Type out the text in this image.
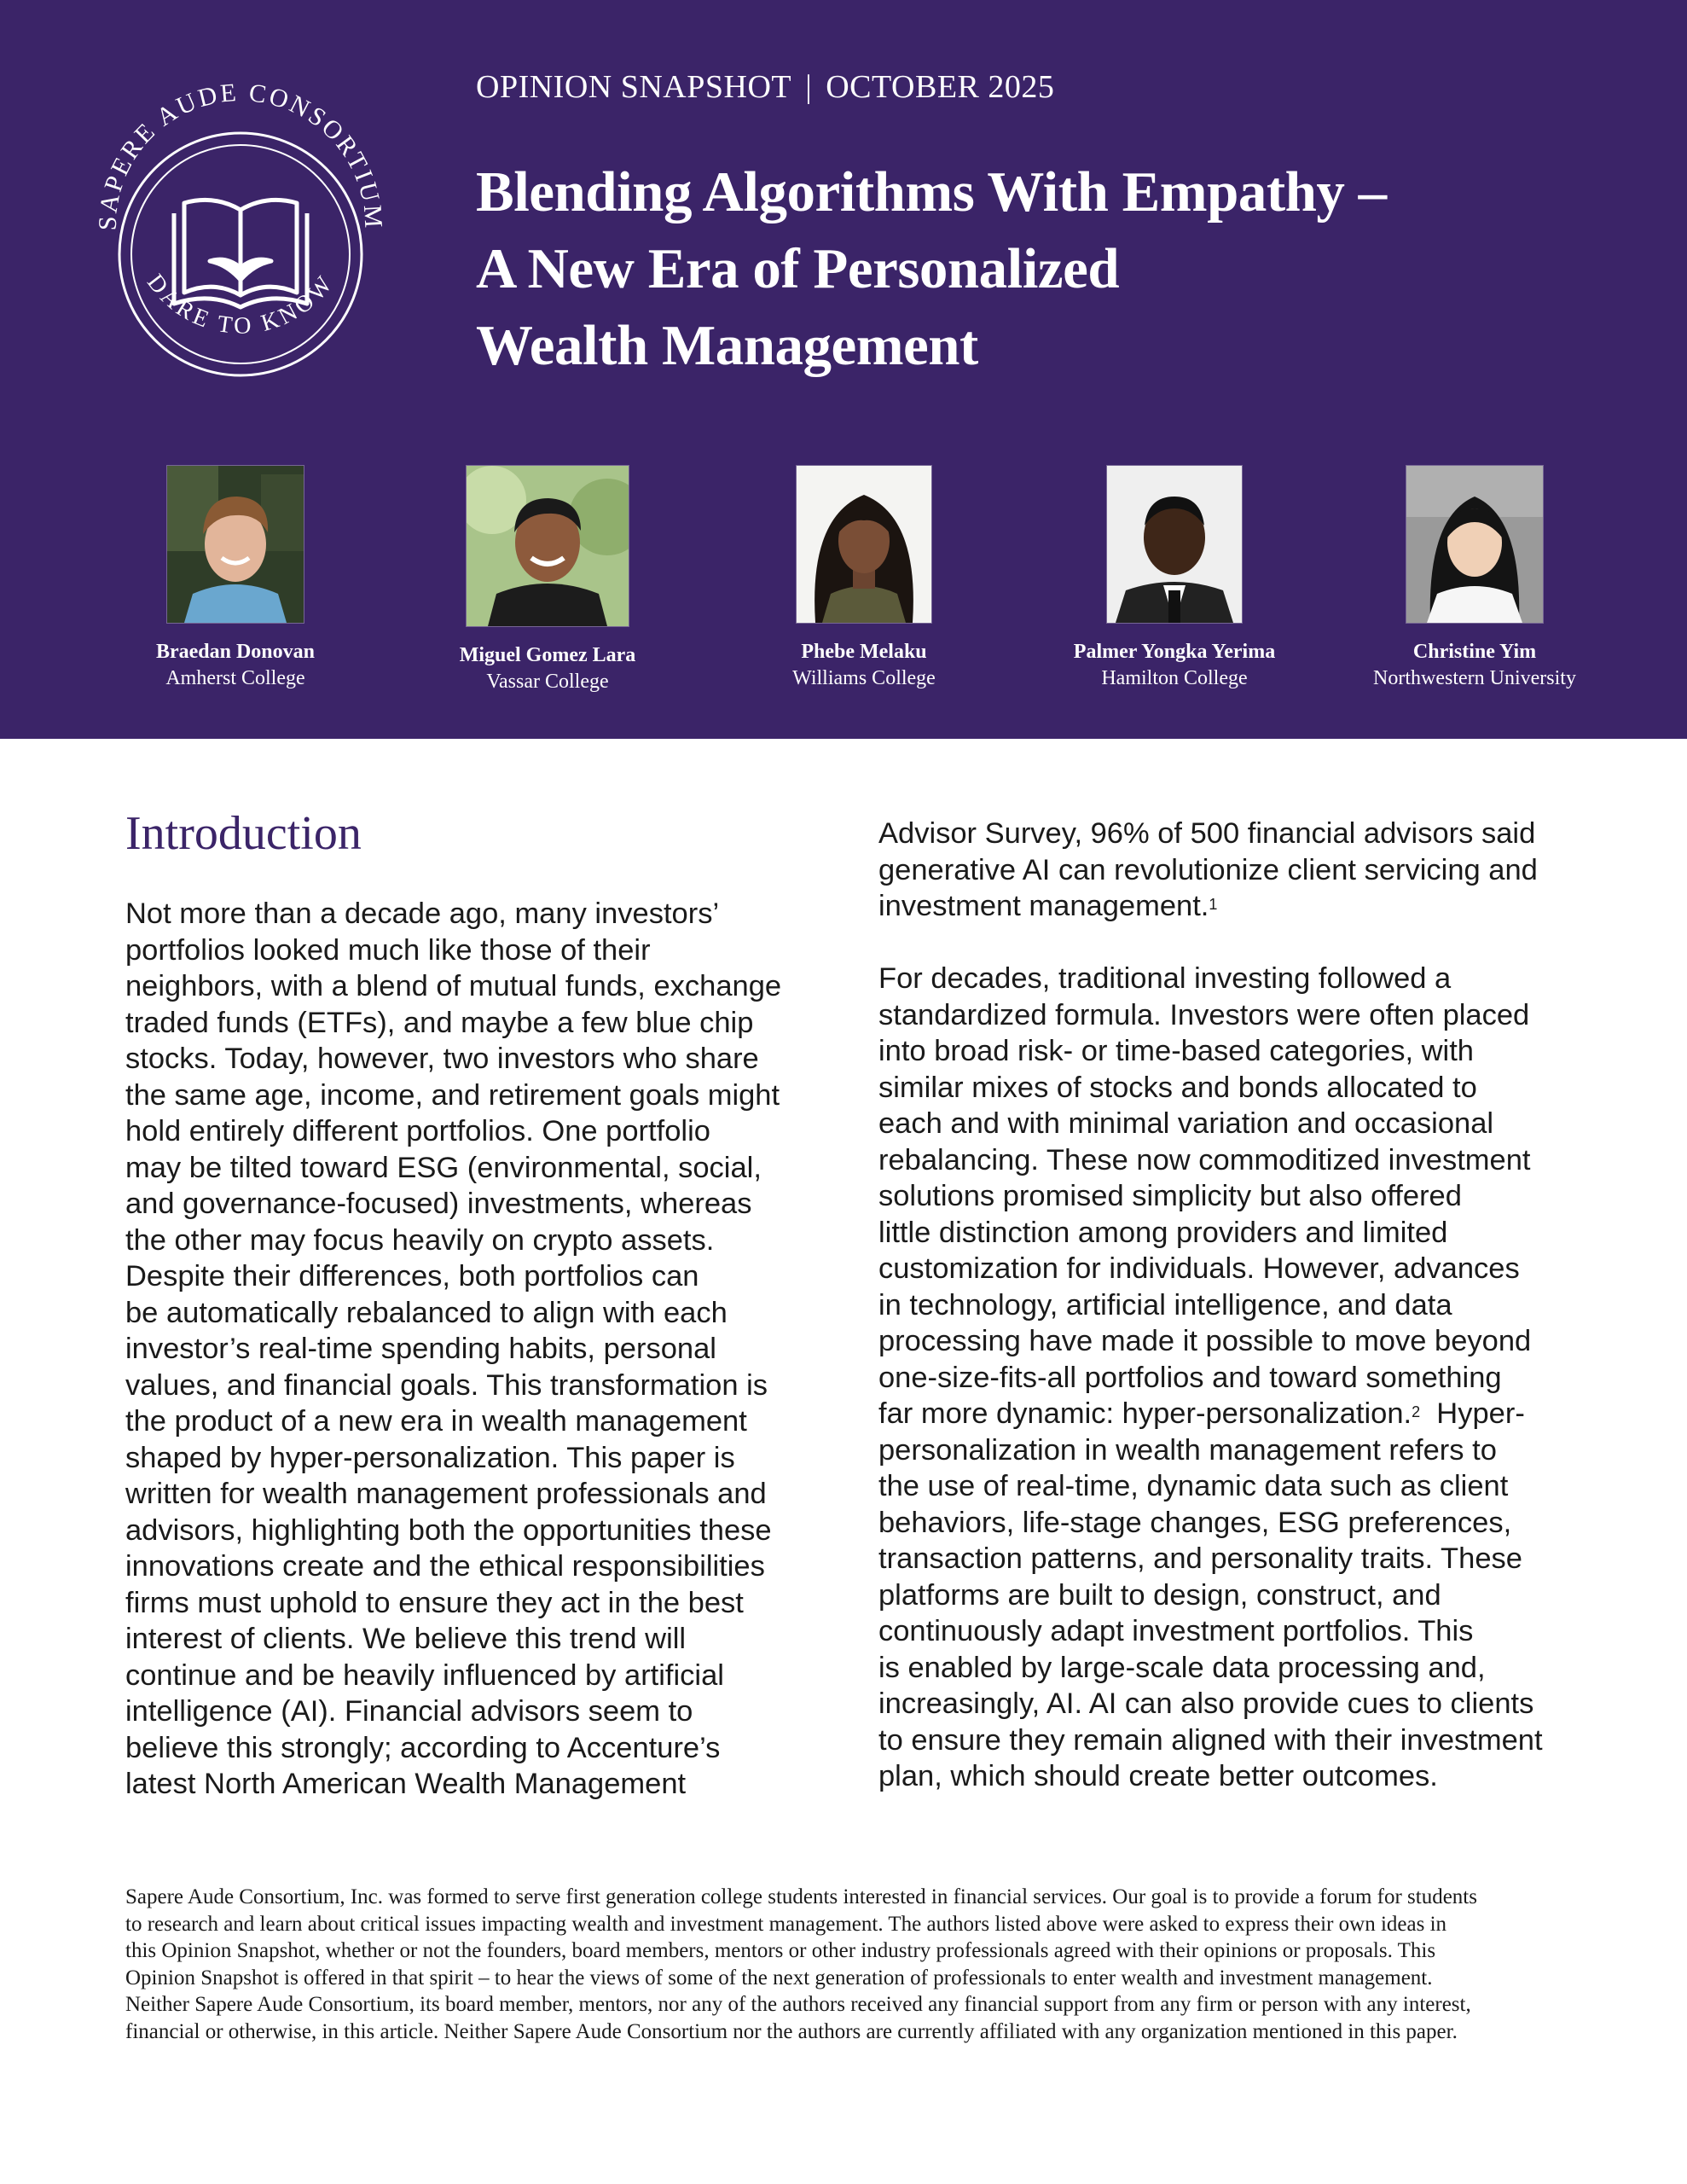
SAPERE AUDE CONSORTIUM
DARE TO KNOW
OPINION SNAPSHOT | OCTOBER 2025
Blending Algorithms With Empathy –
A New Era of Personalized
Wealth Management
Braedan Donovan
Amherst College
Miguel Gomez Lara
Vassar College
Phebe Melaku
Williams College
Palmer Yongka Yerima
Hamilton College
Christine Yim
Northwestern University
Introduction

Not more than a decade ago, many investors’
portfolios looked much like those of their
neighbors, with a blend of mutual funds, exchange
traded funds (ETFs), and maybe a few blue chip
stocks. Today, however, two investors who share
the same age, income, and retirement goals might
hold entirely different portfolios. One portfolio
may be tilted toward ESG (environmental, social,
and governance-focused) investments, whereas
the other may focus heavily on crypto assets.
Despite their differences, both portfolios can
be automatically rebalanced to align with each
investor’s real-time spending habits, personal
values, and financial goals. This transformation is
the product of a new era in wealth management
shaped by hyper-personalization. This paper is
written for wealth management professionals and
advisors, highlighting both the opportunities these
innovations create and the ethical responsibilities
firms must uphold to ensure they act in the best
interest of clients. We believe this trend will
continue and be heavily influenced by artificial
intelligence (AI). Financial advisors seem to
believe this strongly; according to Accenture’s
latest North American Wealth Management

Advisor Survey, 96% of 500 financial advisors said
generative AI can revolutionize client servicing and
investment management.$^1$

For decades, traditional investing followed a
standardized formula. Investors were often placed
into broad risk- or time-based categories, with
similar mixes of stocks and bonds allocated to
each and with minimal variation and occasional
rebalancing. These now commoditized investment
solutions promised simplicity but also offered
little distinction among providers and limited
customization for individuals. However, advances
in technology, artificial intelligence, and data
processing have made it possible to move beyond
one-size-fits-all portfolios and toward something
far more dynamic: hyper-personalization.$^2$  Hyper-
personalization in wealth management refers to
the use of real-time, dynamic data such as client
behaviors, life-stage changes, ESG preferences,
transaction patterns, and personality traits. These
platforms are built to design, construct, and
continuously adapt investment portfolios. This
is enabled by large-scale data processing and,
increasingly, AI. AI can also provide cues to clients
to ensure they remain aligned with their investment
plan, which should create better outcomes.

Sapere Aude Consortium, Inc. was formed to serve first generation college students interested in financial services. Our goal is to provide a forum for students
to research and learn about critical issues impacting wealth and investment management. The authors listed above were asked to express their own ideas in
this Opinion Snapshot, whether or not the founders, board members, mentors or other industry professionals agreed with their opinions or proposals. This
Opinion Snapshot is offered in that spirit – to hear the views of some of the next generation of professionals to enter wealth and investment management.
Neither Sapere Aude Consortium, its board member, mentors, nor any of the authors received any financial support from any firm or person with any interest,
financial or otherwise, in this article. Neither Sapere Aude Consortium nor the authors are currently affiliated with any organization mentioned in this paper.
